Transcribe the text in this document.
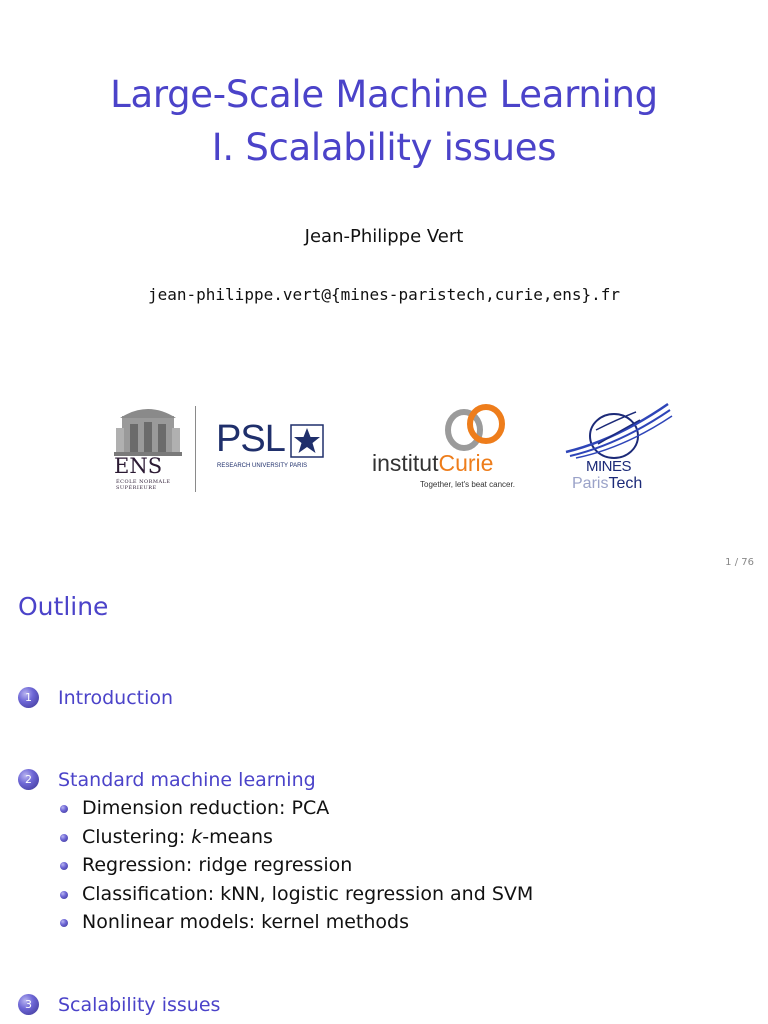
Large-Scale Machine Learning
I. Scalability issues
Jean-Philippe Vert
jean-philippe.vert@{mines-paristech,curie,ens}.fr
ENS
ÉCOLE NORMALE
SUPÉRIEURE
PSL
RESEARCH UNIVERSITY PARIS	institutCurie
Together, let's beat cancer.
MINES
ParisTech
1 / 76
Outline
1	Introduction
2	Standard machine learning
Dimension reduction: PCA
Clustering: k-means
Regression: ridge regression
Classification: kNN, logistic regression and SVM
Nonlinear models: kernel methods
3	Scalability issues
